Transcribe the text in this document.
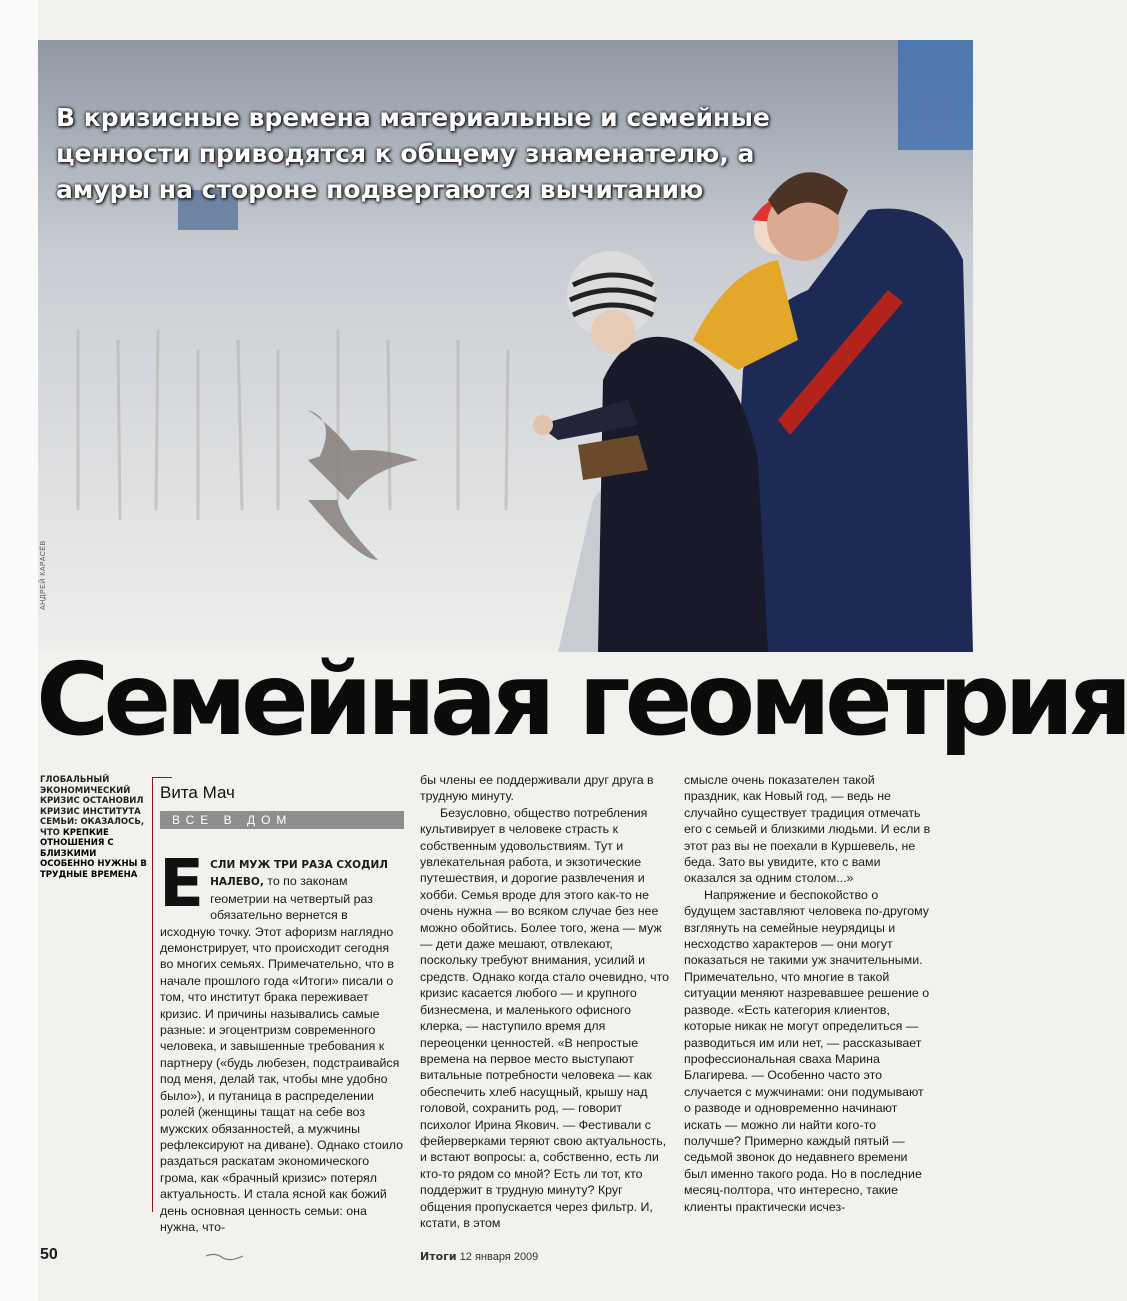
АНДРЕЙ КАРАСЁВ
В кризисные времена материальные и семейные ценности приводятся к общему знаменателю, а амуры на стороне подвергаются вычитанию
Семейная геометрия
ГЛОБАЛЬНЫЙ ЭКОНОМИЧЕСКИЙ КРИЗИС ОСТАНОВИЛ КРИЗИС ИНСТИТУТА СЕМЬИ: ОКАЗАЛОСЬ, ЧТО КРЕПКИЕ ОТНОШЕНИЯ С БЛИЗКИМИ ОСОБЕННО НУЖНЫ В ТРУДНЫЕ ВРЕМЕНА
Вита Мач
ВСЕ В ДОМ

Е СЛИ МУЖ ТРИ РАЗА СХОДИЛ НАЛЕВО, то по законам геометрии на четвертый раз обязательно вернется в исходную точку. Этот афоризм наглядно демонстрирует, что происходит сегодня во многих семьях. Примечательно, что в начале прошлого года «Итоги» писали о том, что институт брака переживает кризис. И причины назывались самые разные: и эгоцентризм современного человека, и завышенные требования к партнеру («будь любезен, подстраивайся под меня, делай так, чтобы мне удобно было»), и путаница в распределении ролей (женщины тащат на себе воз мужских обязанностей, а мужчины рефлексируют на диване). Однако стоило раздаться раскатам экономического грома, как «брачный кризис» потерял актуальность. И стала ясной как божий день основная ценность семьи: она нужна, что-

бы члены ее поддерживали друг друга в трудную минуту.

Безусловно, общество потребления культивирует в человеке страсть к собственным удовольствиям. Тут и увлекательная работа, и экзотические путешествия, и дорогие развлечения и хобби. Семья вроде для этого как-то не очень нужна — во всяком случае без нее можно обойтись. Более того, жена — муж — дети даже мешают, отвлекают, поскольку требуют внимания, усилий и средств. Однако когда стало очевидно, что кризис касается любого — и крупного бизнесмена, и маленького офисного клерка, — наступило время для переоценки ценностей. «В непростые времена на первое место выступают витальные потребности человека — как обеспечить хлеб насущный, крышу над головой, сохранить род, — говорит психолог Ирина Якович. — Фестивали с фейерверками теряют свою актуальность, и встают вопросы: а, собственно, есть ли кто-то рядом со мной? Есть ли тот, кто поддержит в трудную минуту? Круг общения пропускается через фильтр. И, кстати, в этом

смысле очень показателен такой праздник, как Новый год, — ведь не случайно существует традиция отмечать его с семьей и близкими людьми. И если в этот раз вы не поехали в Куршевель, не беда. Зато вы увидите, кто с вами оказался за одним столом...»

Напряжение и беспокойство о будущем заставляют человека по-другому взглянуть на семейные неурядицы и несходство характеров — они могут показаться не такими уж значительными. Примечательно, что многие в такой ситуации меняют назревавшее решение о разводе. «Есть категория клиентов, которые никак не могут определиться — разводиться им или нет, — рассказывает профессиональная сваха Марина Благирева. — Особенно часто это случается с мужчинами: они подумывают о разводе и одновременно начинают искать — можно ли найти кого-то получше? Примерно каждый пятый — седьмой звонок до недавнего времени был именно такого рода. Но в последние месяц-полтора, что интересно, такие клиенты практически исчез-

50	Итоги 12 января 2009
